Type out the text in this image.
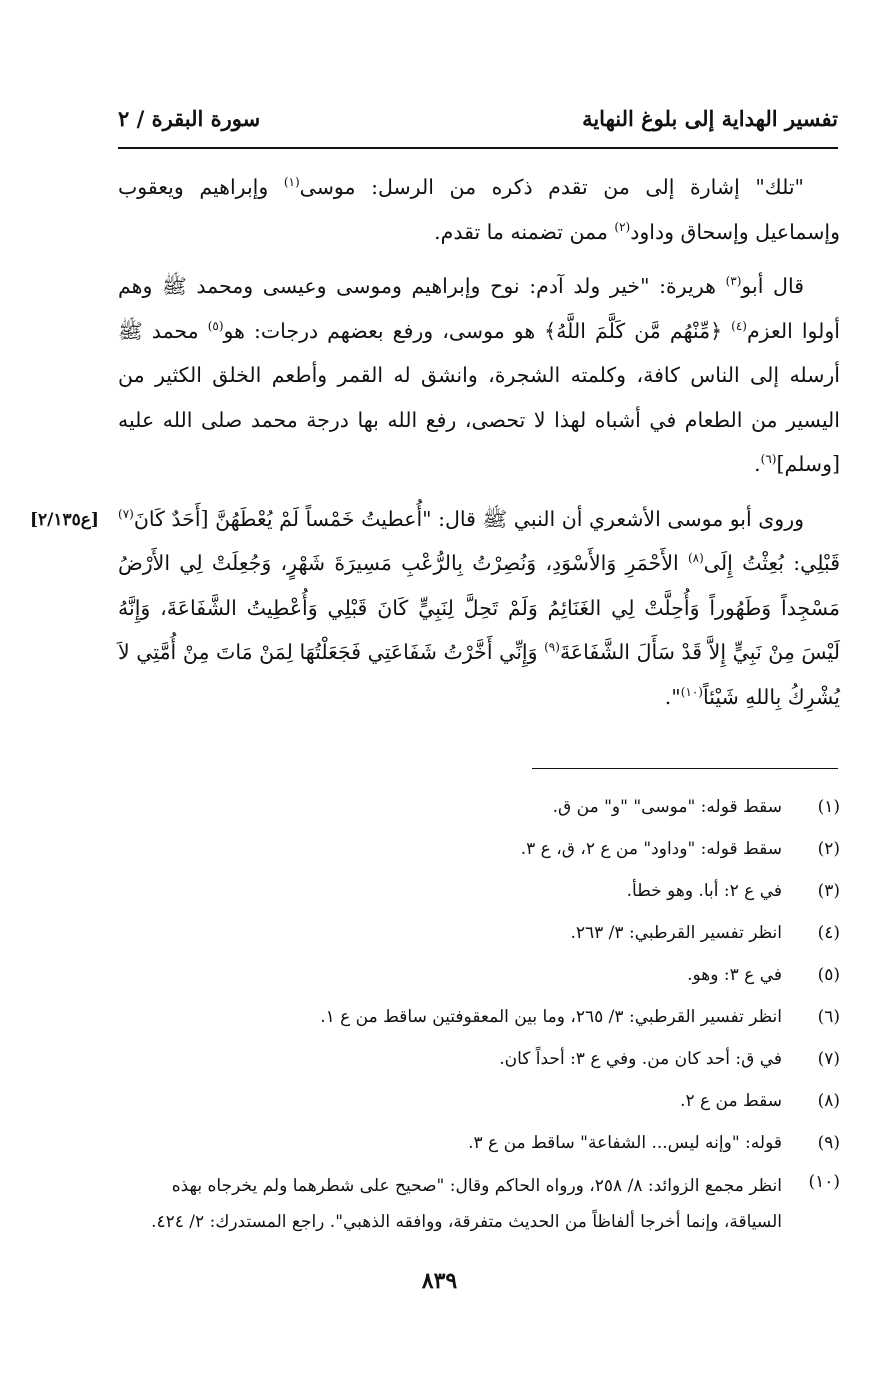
تفسير الهداية إلى بلوغ النهاية
سورة البقرة / ٢

"تلك" إشارة إلى من تقدم ذكره من الرسل: موسى$^{(١)}$ وإبراهيم ويعقوب وإسماعيل وإسحاق وداود$^{(٢)}$ ممن تضمنه ما تقدم.

قال أبو$^{(٣)}$ هريرة: "خير ولد آدم: نوح وإبراهيم وموسى وعيسى ومحمد ﷺ وهم أولوا العزم$^{(٤)}$ ﴿مِّنْهُم مَّن كَلَّمَ اللَّهُ﴾ هو موسى، ورفع بعضهم درجات: هو$^{(٥)}$ محمد ﷺ أرسله إلى الناس كافة، وكلمته الشجرة، وانشق له القمر وأطعم الخلق الكثير من اليسير من الطعام في أشباه لهذا لا تحصى، رفع الله بها درجة محمد صلى الله عليه [وسلم]$^{(٦)}$.

وروى أبو موسى الأشعري أن النبي ﷺ قال: "أُعطيتُ خَمْساً لَمْ يُعْطَهُنَّ [أَحَدٌ كَانَ$^{(٧)}$ قَبْلِي: بُعِثْتُ إِلَى$^{(٨)}$ الأَحْمَرِ وَالأَسْوَدِ، وَنُصِرْتُ بِالرُّعْبِ مَسِيرَةَ شَهْرٍ، وَجُعِلَتْ لِي الأَرْضُ مَسْجِداً وَطَهُوراً وَأُحِلَّتْ لِي الغَنَائِمُ وَلَمْ تَحِلَّ لِنَبِيٍّ كَانَ قَبْلِي وَأُعْطِيتُ الشَّفَاعَةَ، وَإِنَّهُ لَيْسَ مِنْ نَبِيٍّ إِلاَّ قَدْ سَأَلَ الشَّفَاعَةَ$^{(٩)}$ وَإِنِّي أَخَّرْتُ شَفَاعَتِي فَجَعَلْتُهَا لِمَنْ مَاتَ مِنْ أُمَّتِي لاَ يُشْرِكُ بِاللهِ شَيْئاً$^{(١٠)}$".

[ع٢/١٣٥]
(١)
سقط قوله: "موسى" "و" من ق.
(٢)
سقط قوله: "وداود" من ع ٢، ق، ع ٣.
(٣)
في ع ٢: أبا. وهو خطأ.
(٤)
انظر تفسير القرطبي: ٣/ ٢٦٣.
(٥)
في ع ٣: وهو.
(٦)
انظر تفسير القرطبي: ٣/ ٢٦٥، وما بين المعقوفتين ساقط من ع ١.
(٧)
في ق: أحد كان من. وفي ع ٣: أحداً كان.
(٨)
سقط من ع ٢.
(٩)
قوله: "وإنه ليس... الشفاعة" ساقط من ع ٣.
(١٠)
انظر مجمع الزوائد: ٨/ ٢٥٨، ورواه الحاكم وقال: "صحيح على شطرهما ولم يخرجاه بهذه السياقة، وإنما أخرجا ألفاظاً من الحديث متفرقة، ووافقه الذهبي". راجع المستدرك: ٢/ ٤٢٤.
٨٣٩
